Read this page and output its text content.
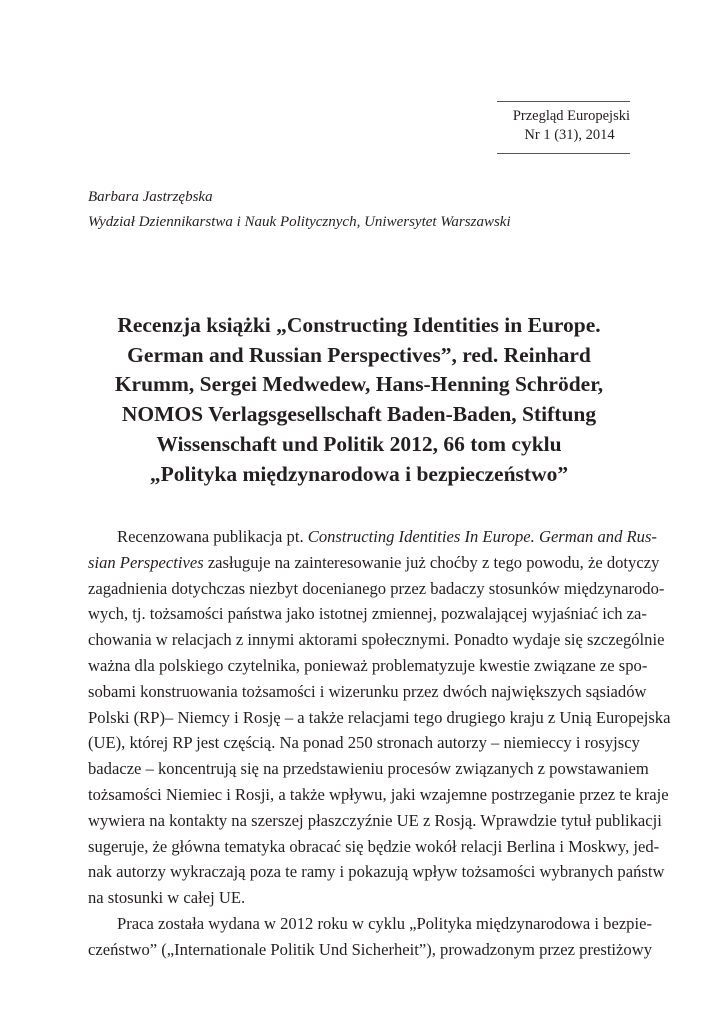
Przegląd Europejski
Nr 1 (31), 2014
Barbara Jastrzębska
Wydział Dziennikarstwa i Nauk Politycznych, Uniwersytet Warszawski
Recenzja książki „Constructing Identities in Europe.
German and Russian Perspectives”, red. Reinhard
Krumm, Sergei Medwedew, Hans-Henning Schröder,
NOMOS Verlagsgesellschaft Baden-Baden, Stiftung
Wissenschaft und Politik 2012, 66 tom cyklu
„Polityka międzynarodowa i bezpieczeństwo”
Recenzowana publikacja pt. Constructing Identities In Europe. German and Rus-
sian Perspectives zasługuje na zainteresowanie już choćby z tego powodu, że dotyczy
zagadnienia dotychczas niezbyt docenianego przez badaczy stosunków międzynarodo-
wych, tj. tożsamości państwa jako istotnej zmiennej, pozwalającej wyjaśniać ich za-
chowania w relacjach z innymi aktorami społecznymi. Ponadto wydaje się szczególnie
ważna dla polskiego czytelnika, ponieważ problematyzuje kwestie związane ze spo-
sobami konstruowania tożsamości i wizerunku przez dwóch największych sąsiadów
Polski (RP)– Niemcy i Rosję – a także relacjami tego drugiego kraju z Unią Europejska
(UE), której RP jest częścią. Na ponad 250 stronach autorzy – niemieccy i rosyjscy
badacze – koncentrują się na przedstawieniu procesów związanych z powstawaniem
tożsamości Niemiec i Rosji, a także wpływu, jaki wzajemne postrzeganie przez te kraje
wywiera na kontakty na szerszej płaszczyźnie UE z Rosją. Wprawdzie tytuł publikacji
sugeruje, że główna tematyka obracać się będzie wokół relacji Berlina i Moskwy, jed-
nak autorzy wykraczają poza te ramy i pokazują wpływ tożsamości wybranych państw
na stosunki w całej UE.
Praca została wydana w 2012 roku w cyklu „Polityka międzynarodowa i bezpie-
czeństwo” („Internationale Politik Und Sicherheit”), prowadzonym przez prestiżowy
